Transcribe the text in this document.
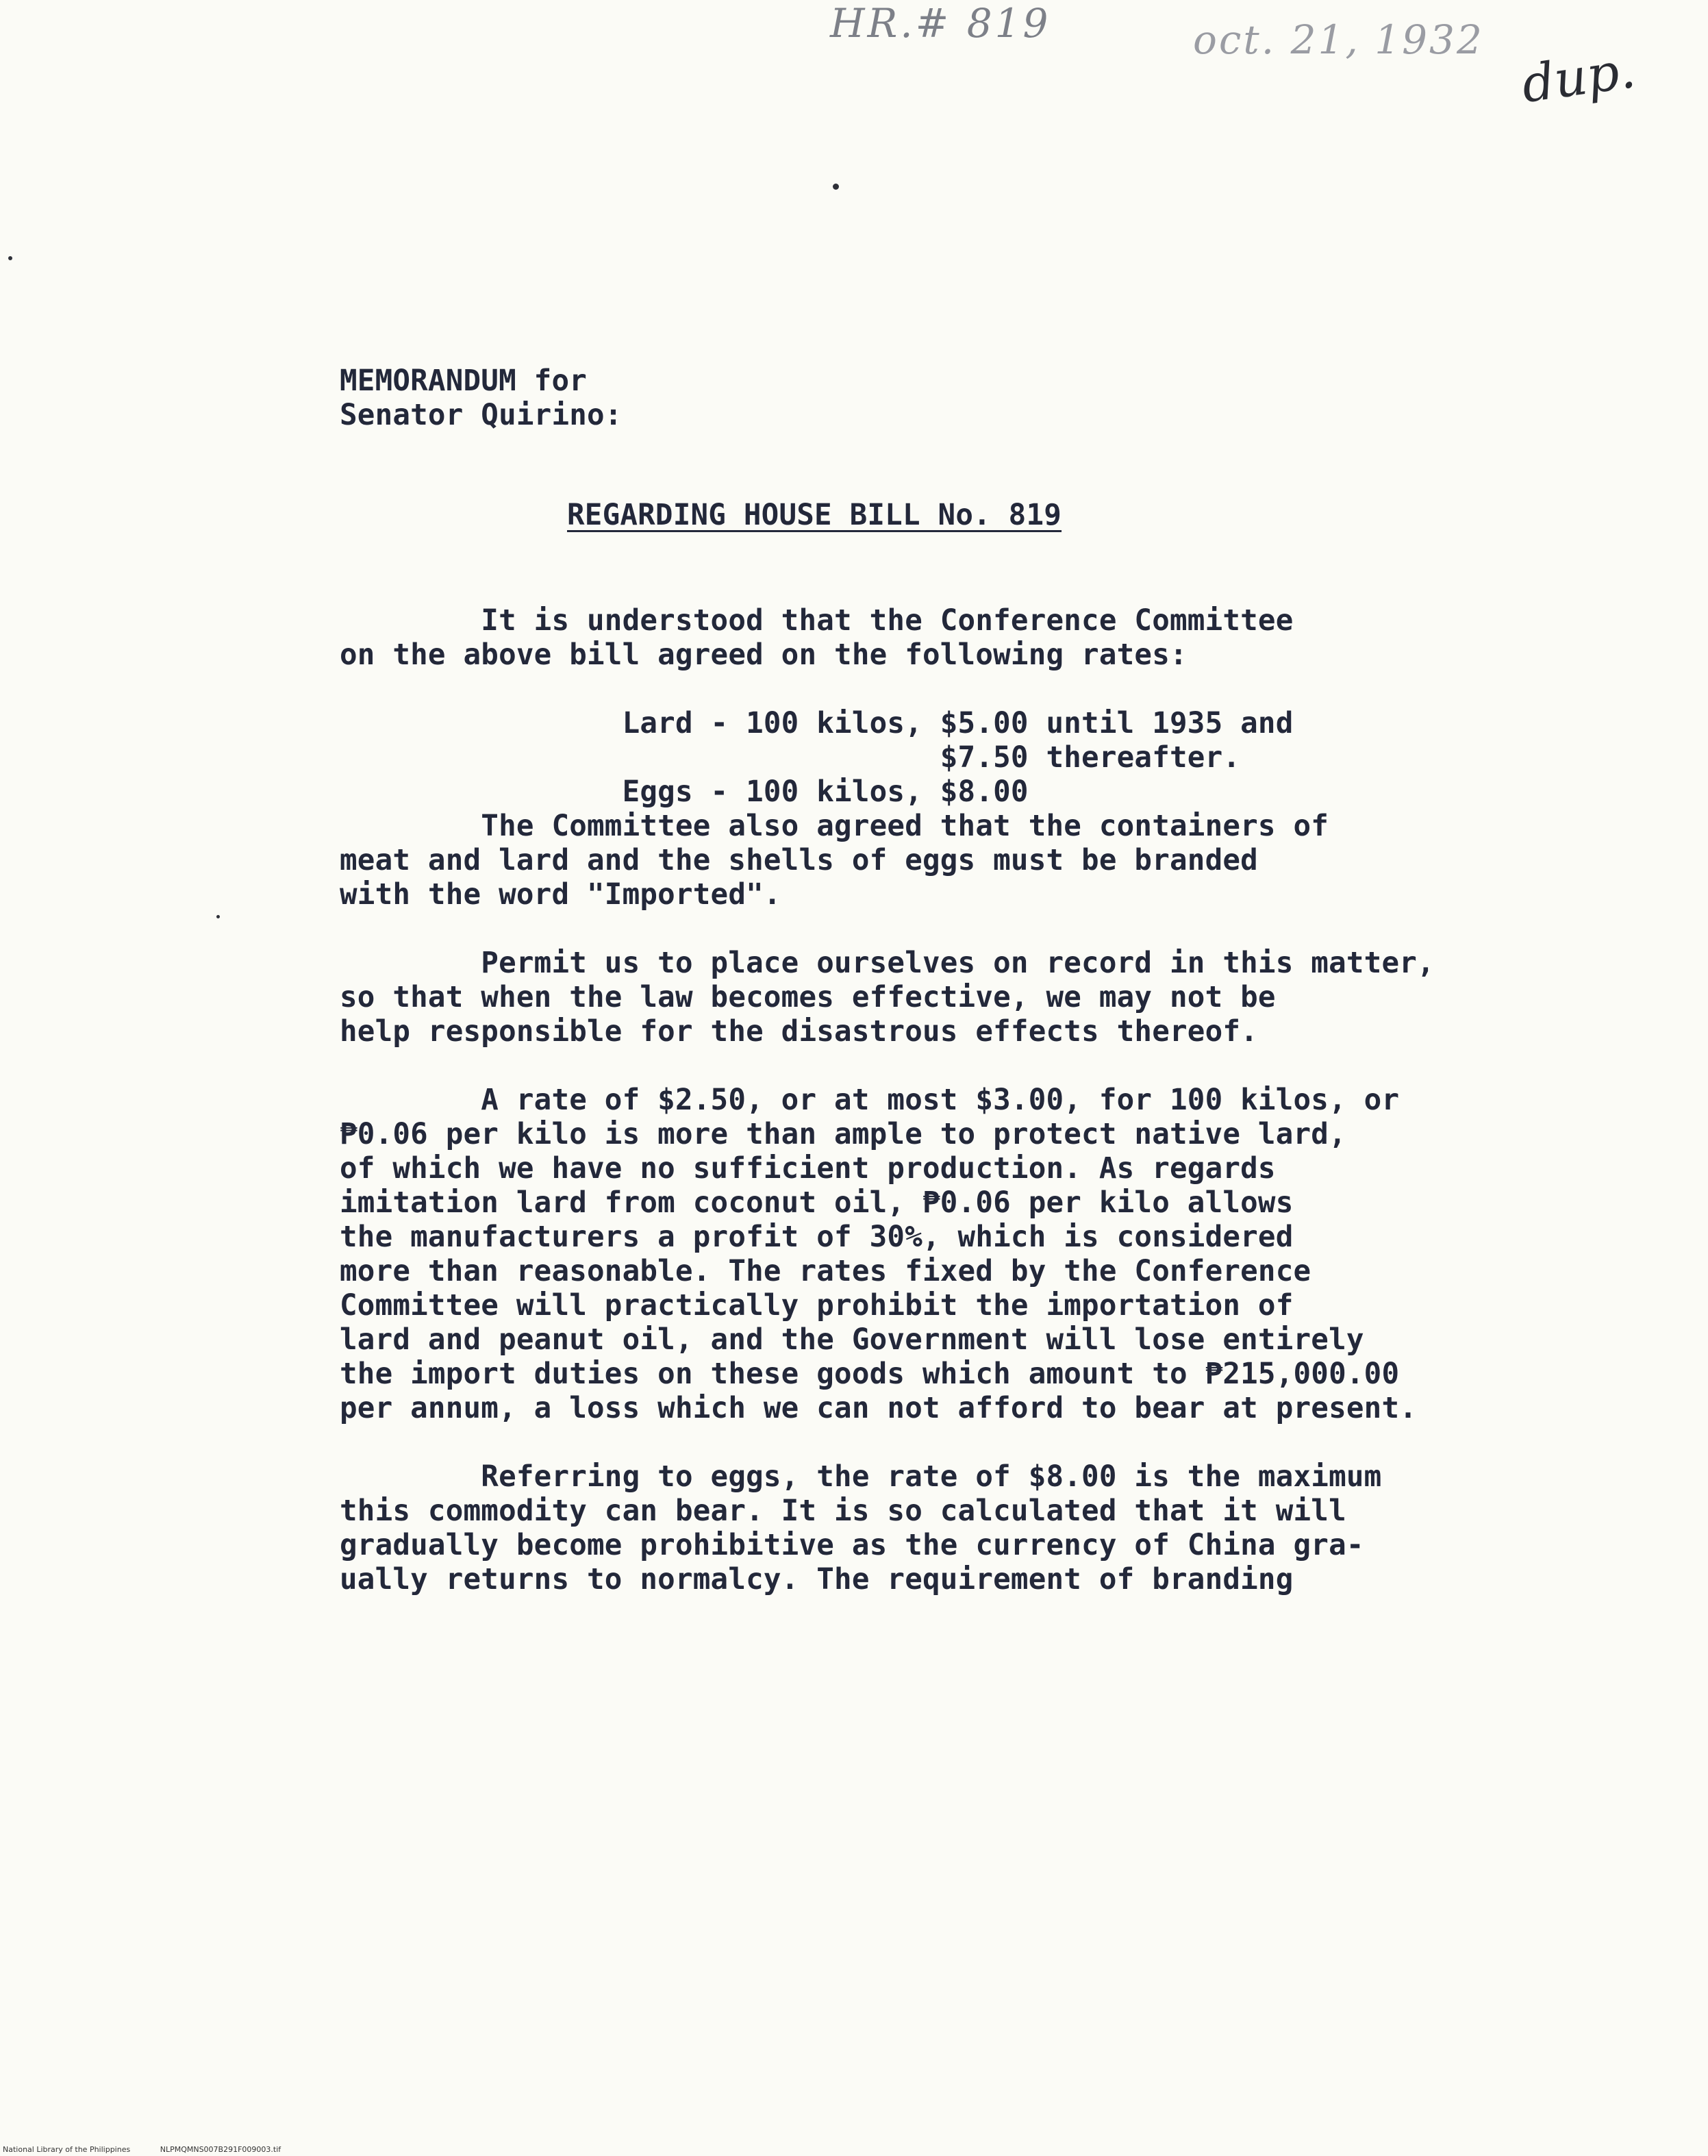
HR.# 819	oct. 21, 1932
dup.
MEMORANDUM for
Senator Quirino:
REGARDING HOUSE BILL No. 819
It is understood that the Conference Committee
on the above bill agreed on the following rates:
Lard - 100 kilos, $5.00 until 1935 and
$7.50 thereafter.
Eggs - 100 kilos, $8.00
The Committee also agreed that the containers of
meat and lard and the shells of eggs must be branded
with the word "Imported".
Permit us to place ourselves on record in this matter,
so that when the law becomes effective, we may not be
help responsible for the disastrous effects thereof.
A rate of $2.50, or at most $3.00, for 100 kilos, or
₱0.06 per kilo is more than ample to protect native lard,
of which we have no sufficient production. As regards
imitation lard from coconut oil, ₱0.06 per kilo allows
the manufacturers a profit of 30%, which is considered
more than reasonable. The rates fixed by the Conference
Committee will practically prohibit the importation of
lard and peanut oil, and the Government will lose entirely
the import duties on these goods which amount to ₱215,000.00
per annum, a loss which we can not afford to bear at present.
Referring to eggs, the rate of $8.00 is the maximum
this commodity can bear. It is so calculated that it will
gradually become prohibitive as the currency of China gra-
ually returns to normalcy. The requirement of branding
National Library of the Philippines	NLPMQMNS007B291F009003.tif
